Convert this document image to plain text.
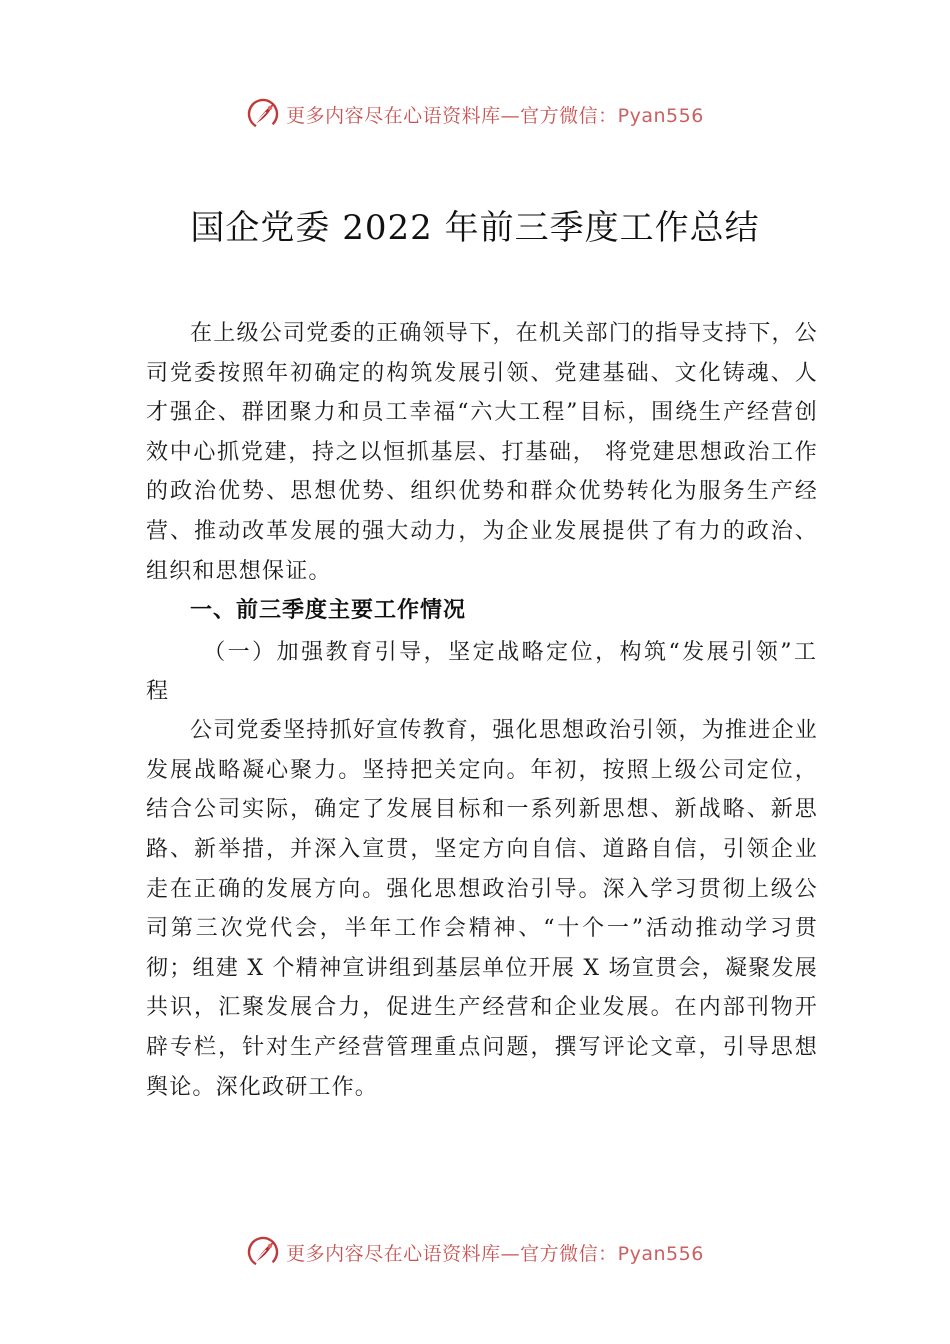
更多内容尽在心语资料库—官方微信：Pyan556
国企党委 2022 年前三季度工作总结

在上级公司党委的正确领导下，在机关部门的指导支持下，公司党委按照年初确定的构筑发展引领、党建基础、文化铸魂、人才强企、群团聚力和员工幸福“六大工程”目标，围绕生产经营创效中心抓党建，持之以恒抓基层、打基础， 将党建思想政治工作的政治优势、思想优势、组织优势和群众优势转化为服务生产经营、推动改革发展的强大动力，为企业发展提供了有力的政治、组织和思想保证。

一、前三季度主要工作情况

（一）加强教育引导，坚定战略定位，构筑“发展引领”工程

公司党委坚持抓好宣传教育，强化思想政治引领，为推进企业发展战略凝心聚力。坚持把关定向。年初，按照上级公司定位，结合公司实际，确定了发展目标和一系列新思想、新战略、新思路、新举措，并深入宣贯，坚定方向自信、道路自信，引领企业走在正确的发展方向。强化思想政治引导。深入学习贯彻上级公司第三次党代会，半年工作会精神、“十个一”活动推动学习贯彻；组建 X 个精神宣讲组到基层单位开展 X 场宣贯会，凝聚发展共识，汇聚发展合力，促进生产经营和企业发展。在内部刊物开辟专栏，针对生产经营管理重点问题，撰写评论文章，引导思想舆论。深化政研工作。

更多内容尽在心语资料库—官方微信：Pyan556
